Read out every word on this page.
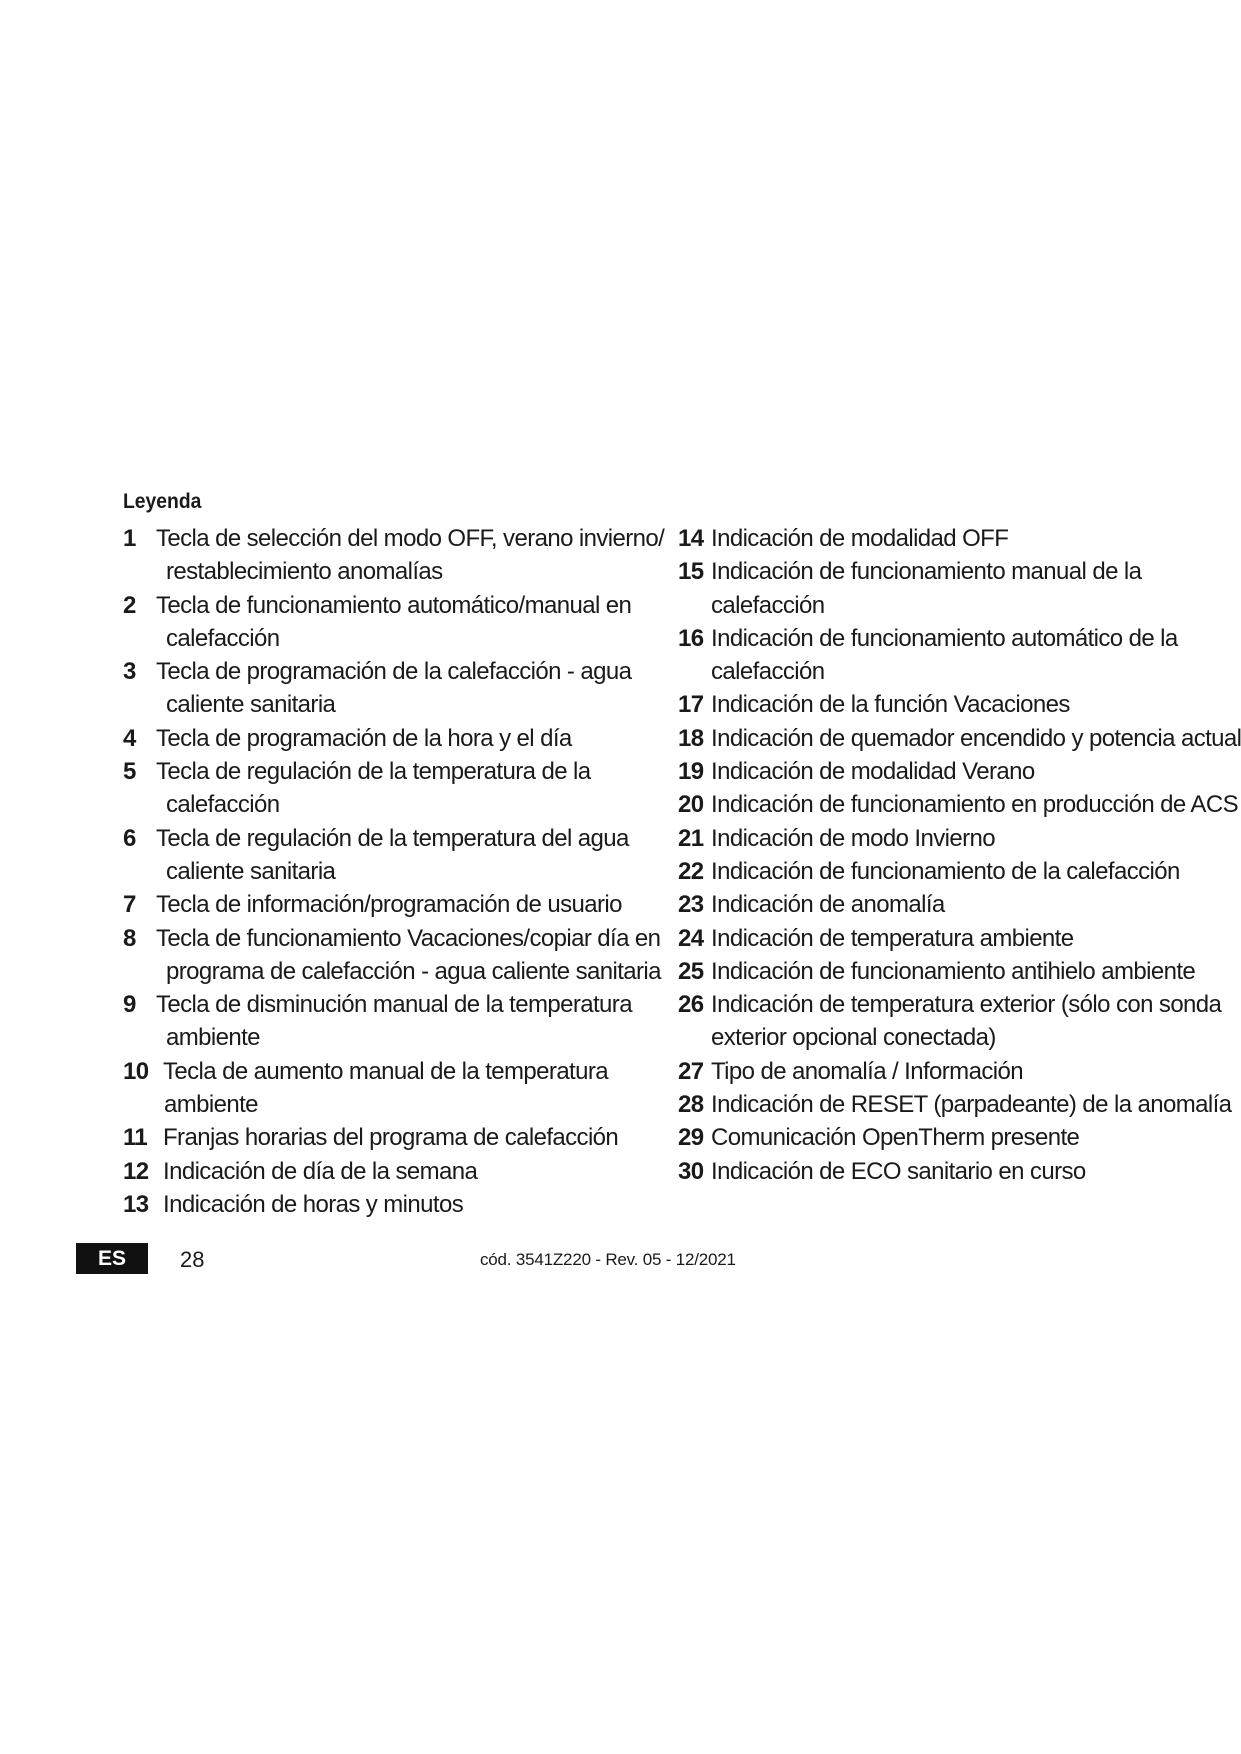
Leyenda
1 Tecla de selección del modo OFF, verano invierno/
restablecimiento anomalías
2 Tecla de funcionamiento automático/manual en
calefacción
3 Tecla de programación de la calefacción - agua
caliente sanitaria
4 Tecla de programación de la hora y el día
5 Tecla de regulación de la temperatura de la
calefacción
6 Tecla de regulación de la temperatura del agua
caliente sanitaria
7 Tecla de información/programación de usuario
8 Tecla de funcionamiento Vacaciones/copiar día en
programa de calefacción - agua caliente sanitaria
9 Tecla de disminución manual de la temperatura
ambiente
10 Tecla de aumento manual de la temperatura
ambiente
11 Franjas horarias del programa de calefacción
12 Indicación de día de la semana
13 Indicación de horas y minutos
14 Indicación de modalidad OFF
15 Indicación de funcionamiento manual de la
calefacción
16 Indicación de funcionamiento automático de la
calefacción
17 Indicación de la función Vacaciones
18 Indicación de quemador encendido y potencia actual
19 Indicación de modalidad Verano
20 Indicación de funcionamiento en producción de ACS
21 Indicación de modo Invierno
22 Indicación de funcionamiento de la calefacción
23 Indicación de anomalía
24 Indicación de temperatura ambiente
25 Indicación de funcionamiento antihielo ambiente
26 Indicación de temperatura exterior (sólo con sonda
exterior opcional conectada)
27 Tipo de anomalía / Información
28 Indicación de RESET (parpadeante) de la anomalía
29 Comunicación OpenTherm presente
30 Indicación de ECO sanitario en curso
ES	28	cód. 3541Z220 - Rev. 05 - 12/2021
